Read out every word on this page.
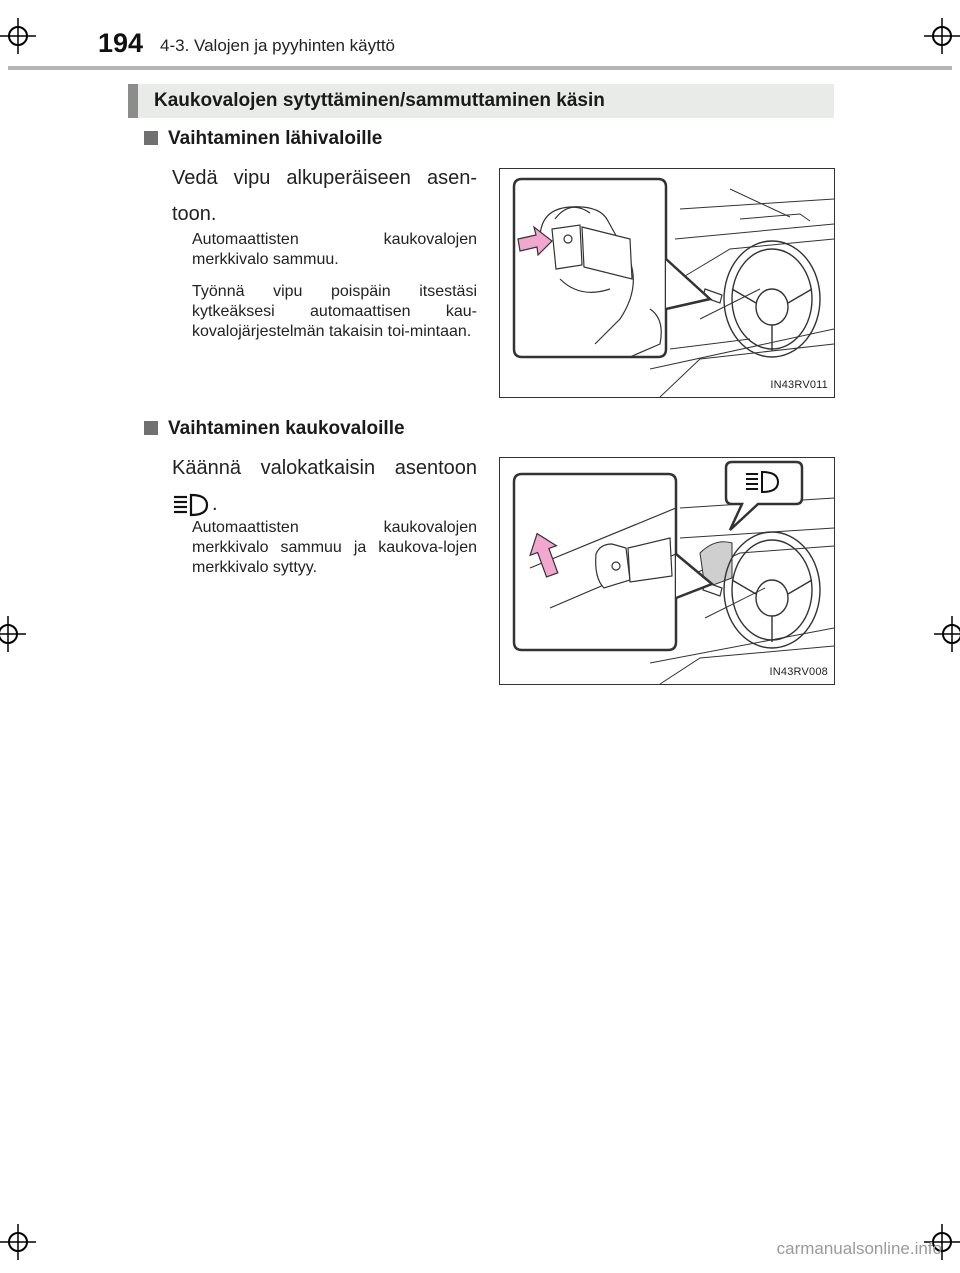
194 4-3. Valojen ja pyyhinten käyttö
Kaukovalojen sytyttäminen/sammuttaminen käsin
Vaihtaminen lähivaloille
Vedä vipu alkuperäiseen asen-
toon.
Automaattisten kaukovalojen merkkivalo sammuu.
Työnnä vipu poispäin itsestäsi kytkeäksesi automaattisen kau-kovalojärjestelmän takaisin toi-mintaan.
IN43RV011
Vaihtaminen kaukovaloille
Käännä valokatkaisin asentoon
.
Automaattisten kaukovalojen merkkivalo sammuu ja kaukova-lojen merkkivalo syttyy.
IN43RV008
carmanualsonline.info
